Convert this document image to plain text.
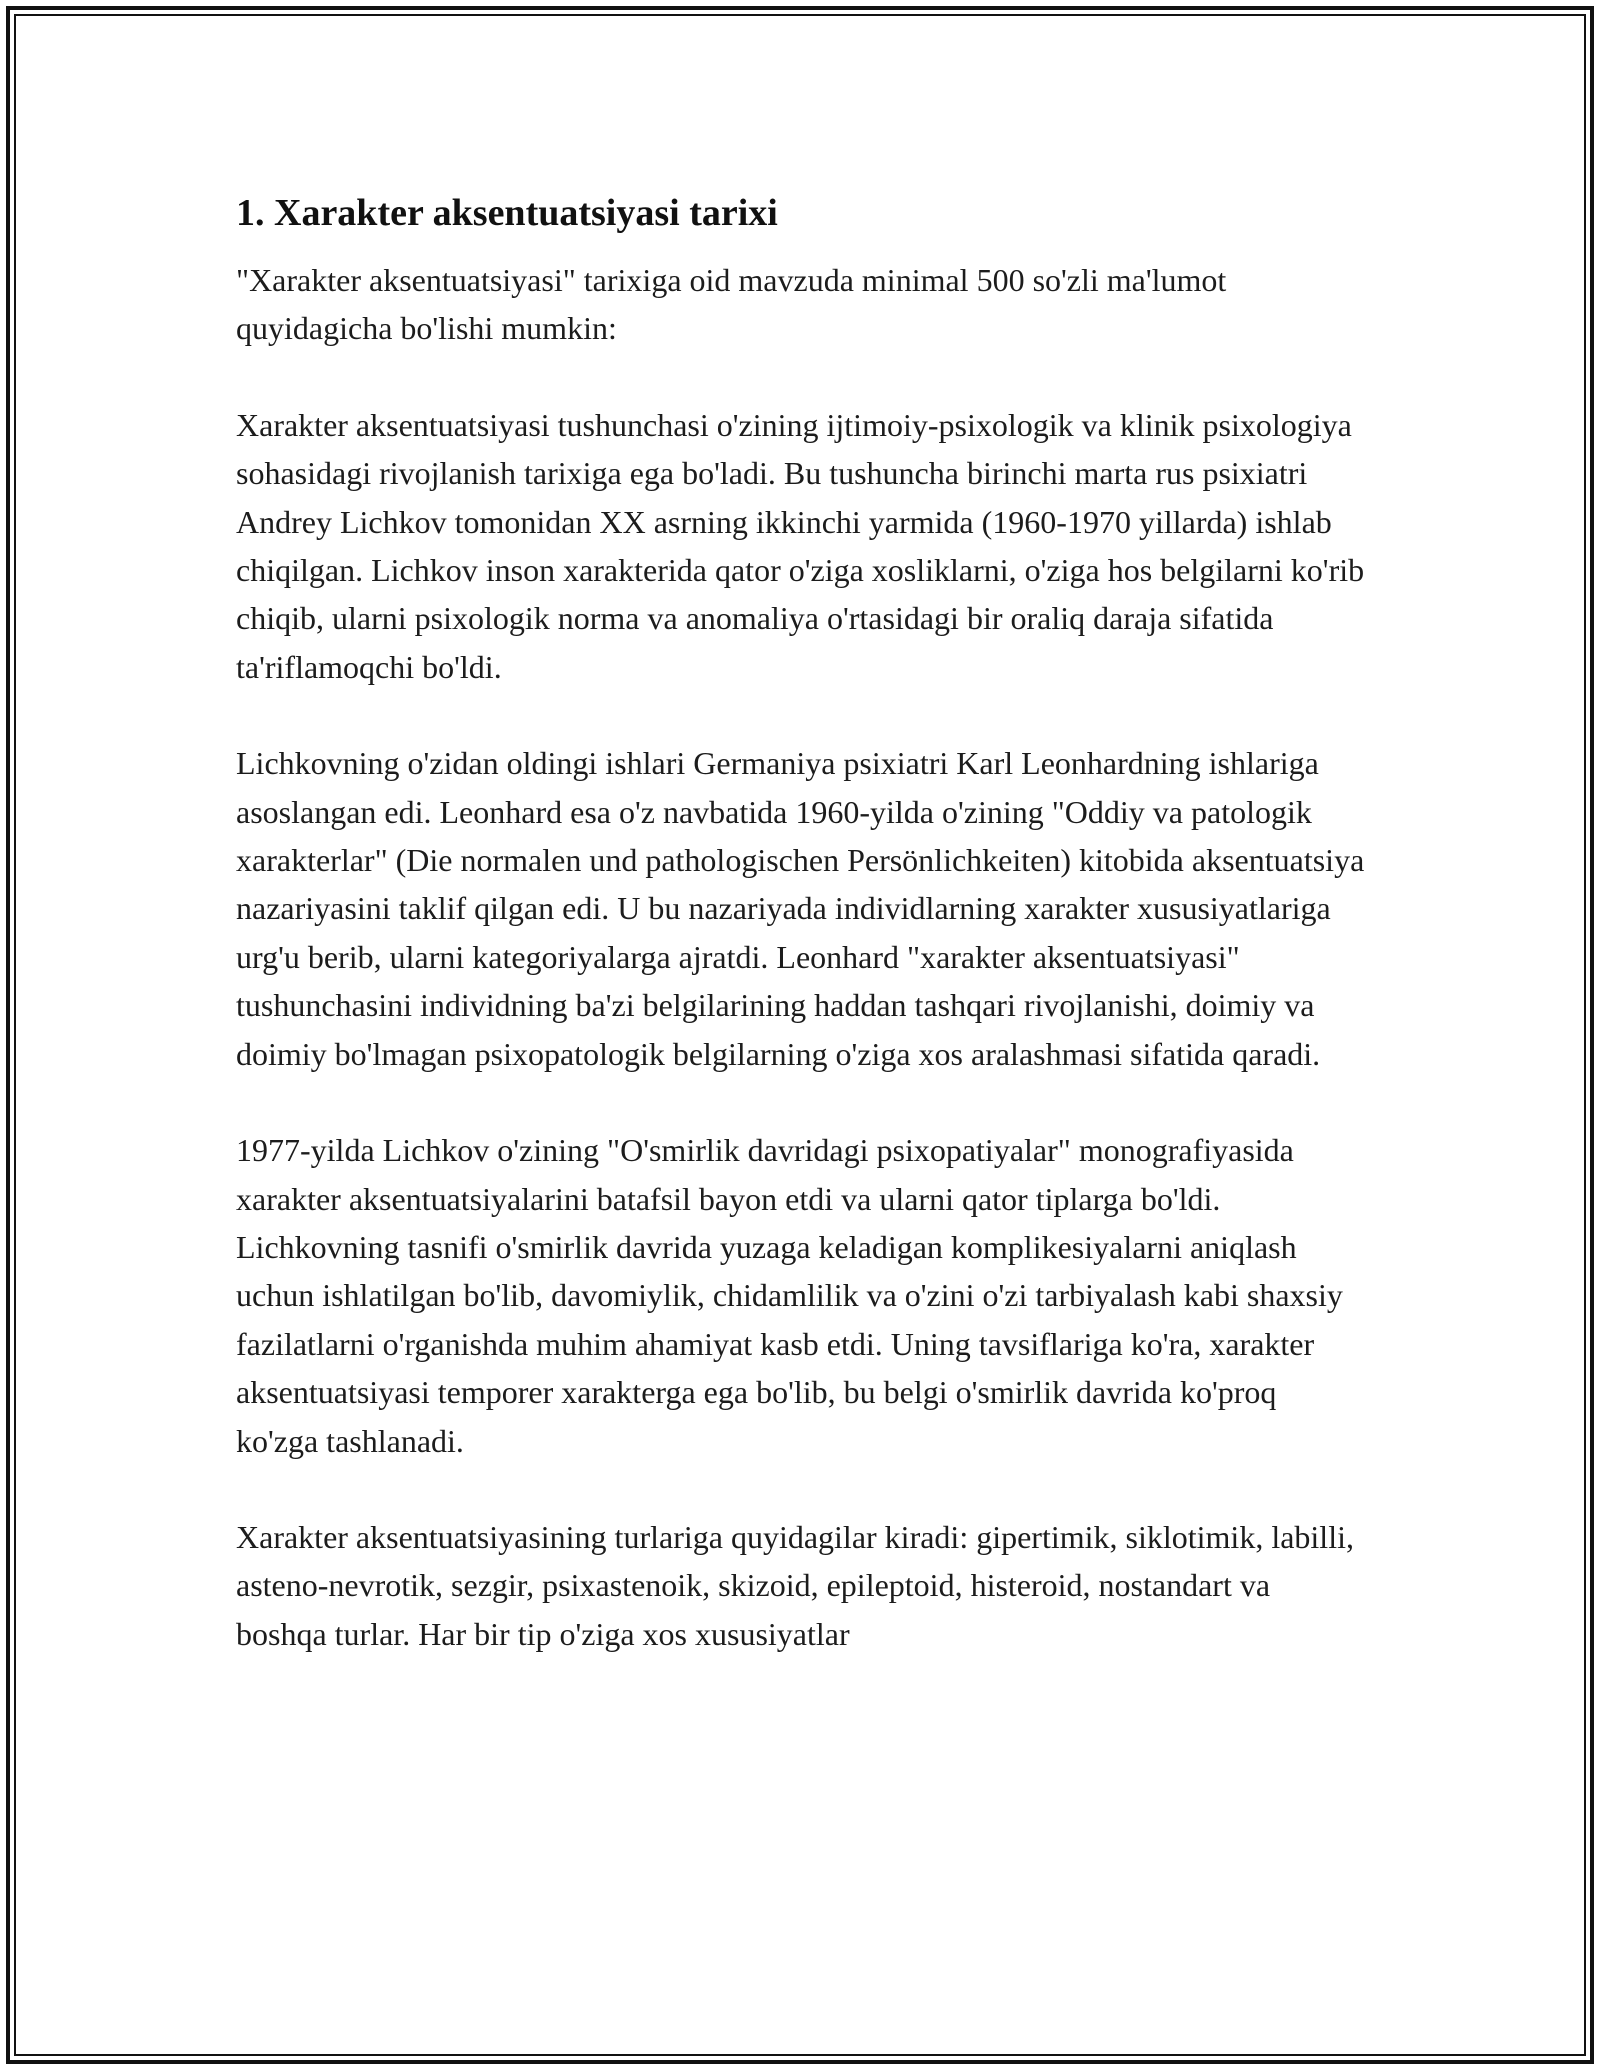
1. Xarakter aksentuatsiyasi tarixi

"Xarakter aksentuatsiyasi" tarixiga oid mavzuda minimal 500 so'zli ma'lumot quyidagicha bo'lishi mumkin:

Xarakter aksentuatsiyasi tushunchasi o'zining ijtimoiy-psixologik va klinik psixologiya sohasidagi rivojlanish tarixiga ega bo'ladi. Bu tushuncha birinchi marta rus psixiatri Andrey Lichkov tomonidan XX asrning ikkinchi yarmida (1960-1970 yillarda) ishlab chiqilgan. Lichkov inson xarakterida qator o'ziga xosliklarni, o'ziga hos belgilarni ko'rib chiqib, ularni psixologik norma va anomaliya o'rtasidagi bir oraliq daraja sifatida ta'riflamoqchi bo'ldi.

Lichkovning o'zidan oldingi ishlari Germaniya psixiatri Karl Leonhardning ishlariga asoslangan edi. Leonhard esa o'z navbatida 1960-yilda o'zining "Oddiy va patologik xarakterlar" (Die normalen und pathologischen Persönlichkeiten) kitobida aksentuatsiya nazariyasini taklif qilgan edi. U bu nazariyada individlarning xarakter xususiyatlariga urg'u berib, ularni kategoriyalarga ajratdi. Leonhard "xarakter aksentuatsiyasi" tushunchasini individning ba'zi belgilarining haddan tashqari rivojlanishi, doimiy va doimiy bo'lmagan psixopatologik belgilarning o'ziga xos aralashmasi sifatida qaradi.

1977-yilda Lichkov o'zining "O'smirlik davridagi psixopatiyalar" monografiyasida xarakter aksentuatsiyalarini batafsil bayon etdi va ularni qator tiplarga bo'ldi. Lichkovning tasnifi o'smirlik davrida yuzaga keladigan komplikesiyalarni aniqlash uchun ishlatilgan bo'lib, davomiylik, chidamlilik va o'zini o'zi tarbiyalash kabi shaxsiy fazilatlarni o'rganishda muhim ahamiyat kasb etdi. Uning tavsiflariga ko'ra, xarakter aksentuatsiyasi temporer xarakterga ega bo'lib, bu belgi o'smirlik davrida ko'proq ko'zga tashlanadi.

Xarakter aksentuatsiyasining turlariga quyidagilar kiradi: gipertimik, siklotimik, labilli, asteno-nevrotik, sezgir, psixastenoik, skizoid, epileptoid, histeroid, nostandart va boshqa turlar. Har bir tip o'ziga xos xususiyatlar
